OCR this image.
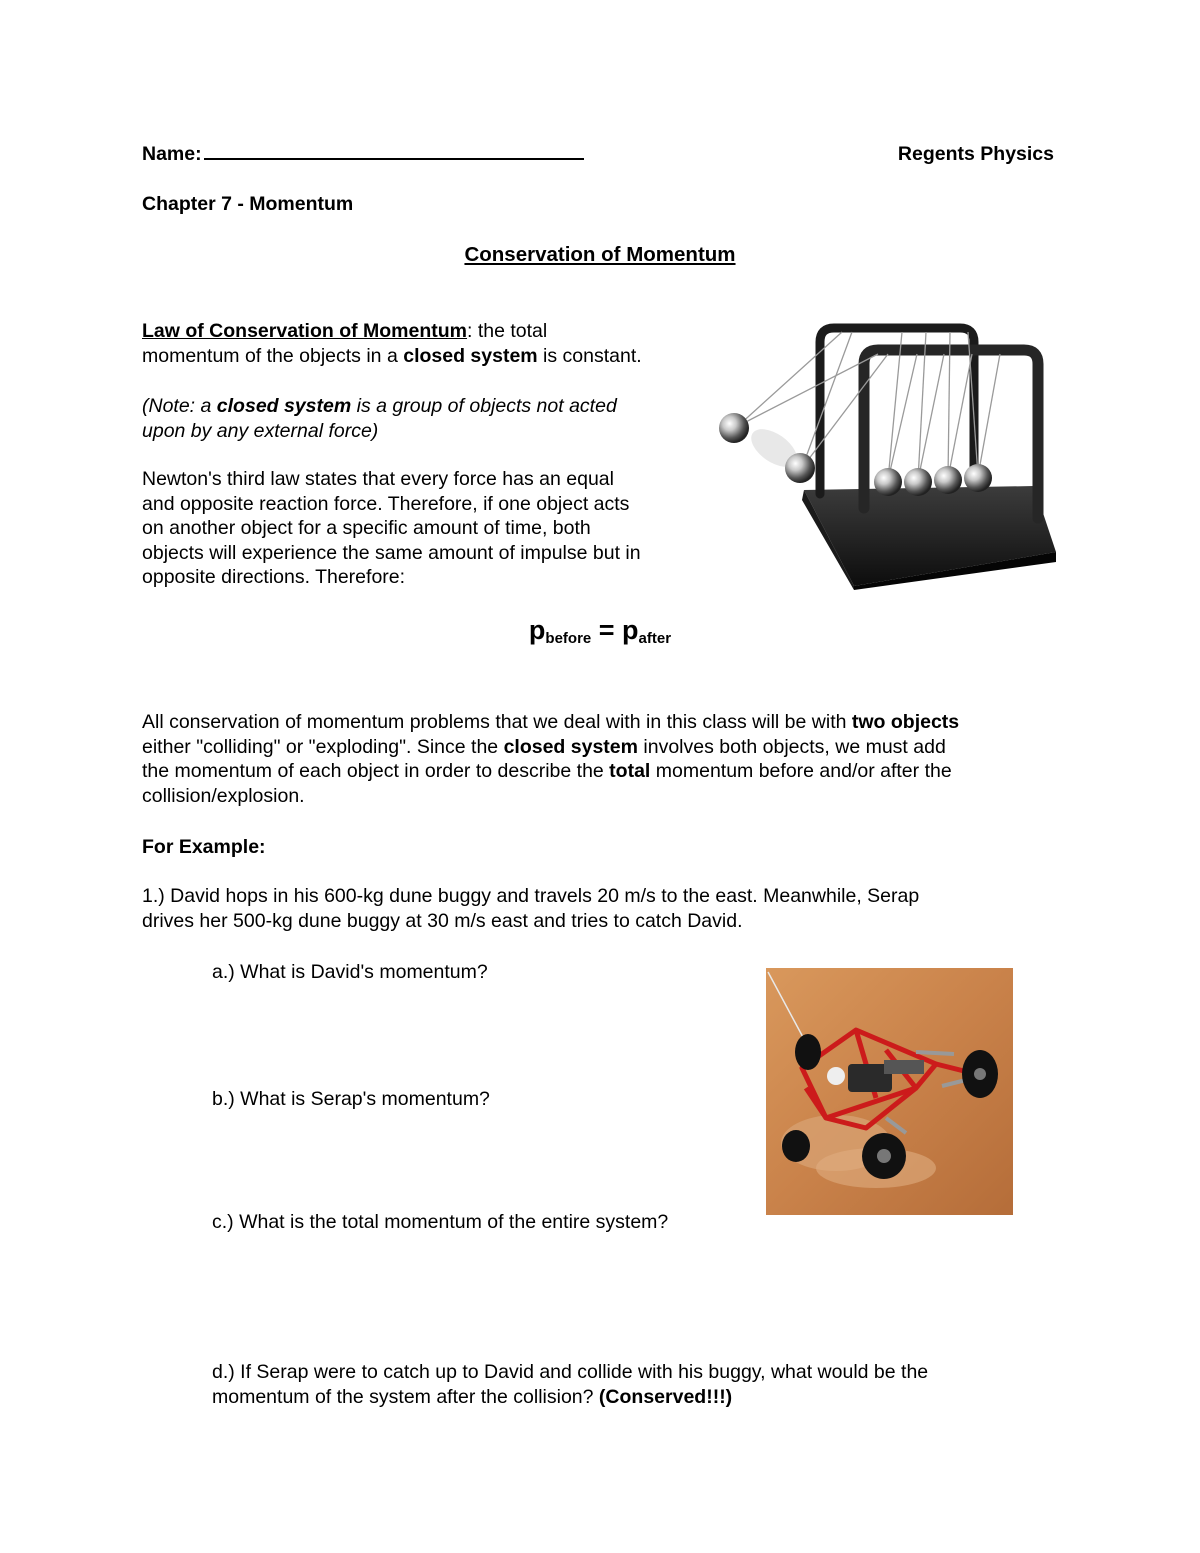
Name:	Regents Physics
Chapter 7 - Momentum
Conservation of Momentum
Law of Conservation of Momentum: the total
momentum of the objects in a closed system is constant.
(Note: a closed system is a group of objects not acted
upon by any external force)
Newton's third law states that every force has an equal
and opposite reaction force. Therefore, if one object acts
on another object for a specific amount of time, both
objects will experience the same amount of impulse but in
opposite directions. Therefore:
$p_{before} = p_{after}$
All conservation of momentum problems that we deal with in this class will be with two objects
either "colliding" or "exploding". Since the closed system involves both objects, we must add
the momentum of each object in order to describe the total momentum before and/or after the
collision/explosion.
For Example:
1.) David hops in his 600-kg dune buggy and travels 20 m/s to the east. Meanwhile, Serap
drives her 500-kg dune buggy at 30 m/s east and tries to catch David.
a.) What is David's momentum?
b.) What is Serap's momentum?
c.) What is the total momentum of the entire system?
d.) If Serap were to catch up to David and collide with his buggy, what would be the
momentum of the system after the collision? (Conserved!!!)
